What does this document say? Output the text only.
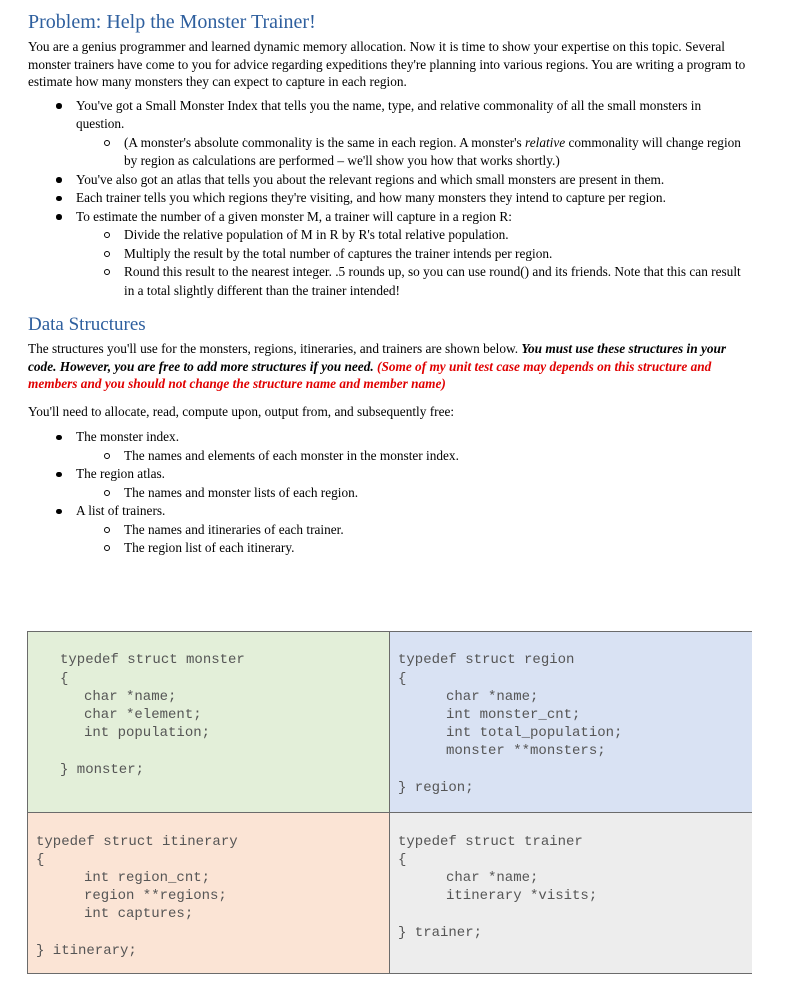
Problem: Help the Monster Trainer!

You are a genius programmer and learned dynamic memory allocation. Now it is time to show your expertise on this topic. Several monster trainers have come to you for advice regarding expeditions they're planning into various regions. You are writing a program to estimate how many monsters they can expect to capture in each region.

You've got a Small Monster Index that tells you the name, type, and relative commonality of all the small monsters in question.
(A monster's absolute commonality is the same in each region. A monster's relative commonality will change region by region as calculations are performed – we'll show you how that works shortly.)
You've also got an atlas that tells you about the relevant regions and which small monsters are present in them.
Each trainer tells you which regions they're visiting, and how many monsters they intend to capture per region.
To estimate the number of a given monster M, a trainer will capture in a region R:
Divide the relative population of M in R by R's total relative population.
Multiply the result by the total number of captures the trainer intends per region.
Round this result to the nearest integer. .5 rounds up, so you can use round() and its friends. Note that this can result in a total slightly different than the trainer intended!
Data Structures

The structures you'll use for the monsters, regions, itineraries, and trainers are shown below. You must use these structures in your code. However, you are free to add more structures if you need. (Some of my unit test case may depends on this structure and members and you should not change the structure name and member name)

You'll need to allocate, read, compute upon, output from, and subsequently free:

The monster index.
The names and elements of each monster in the monster index.
The region atlas.
The names and monster lists of each region.
A list of trainers.
The names and itineraries of each trainer.
The region list of each itinerary.

typedef struct monster

{

char *name;

char *element;

int population;

} monster;

typedef struct region

{

char *name;

int monster_cnt;

int total_population;

monster **monsters;

} region;

typedef struct itinerary

{

int region_cnt;

region **regions;

int captures;

} itinerary;

typedef struct trainer

{

char *name;

itinerary *visits;

} trainer;
